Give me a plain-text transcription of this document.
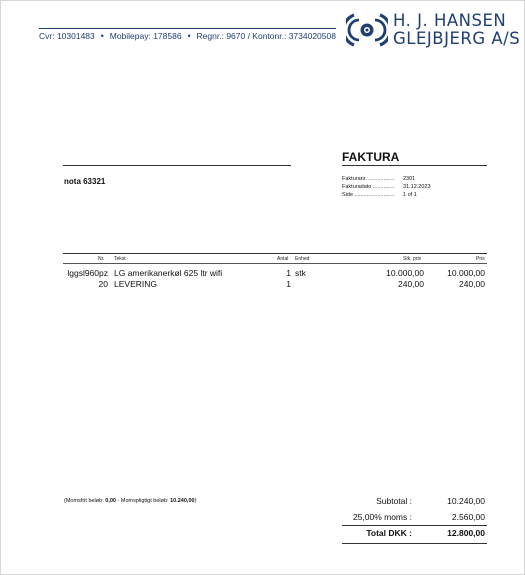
Cvr: 10301483 • Mobilepay: 178586 • Regnr.: 9670 / Kontonr.: 3734020508
H. J. HANSEN
GLEJBJERG A/S
FAKTURA
nota 63321	Fakturanr. .................	2301
Fakturadato ..............	31.12.2023
Side ..........................	1 of 1
Nr. Tekst	Antal Enhed	Stk. pris	Pris
lggsl960pz LG amerikanerkøl 625 ltr wifi	1 stk	10.000,00	10.000,00
20 LEVERING	1	240,00	240,00
(Momsfrit beløb: 0,00 - Momspligtigt beløb: 10.240,00)	Subtotal :	10.240,00
25,00% moms :	2.560,00
Total DKK :	12.800,00
